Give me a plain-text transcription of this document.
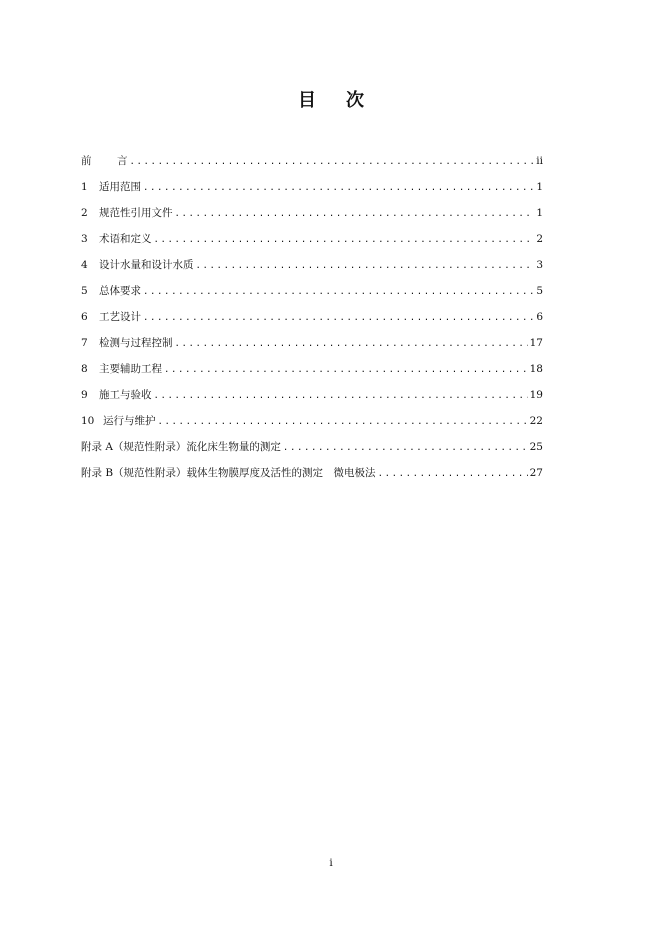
目 次
前	言 .....	ii
1	适用范围 .....	1
2	规范性引用文件 .....	1
3	术语和定义 .....	2
4	设计水量和设计水质 .....	3
5	总体要求 .....	5
6	工艺设计 .....	6
7	检测与过程控制 .....	17
8	主要辅助工程 .....	18
9	施工与验收 .....	19
10 运行与维护 .....	22
附录 A（规范性附录）流化床生物量的测定 .....	25
附录 B（规范性附录）载体生物膜厚度及活性的测定　微电极法 .....	27
i
